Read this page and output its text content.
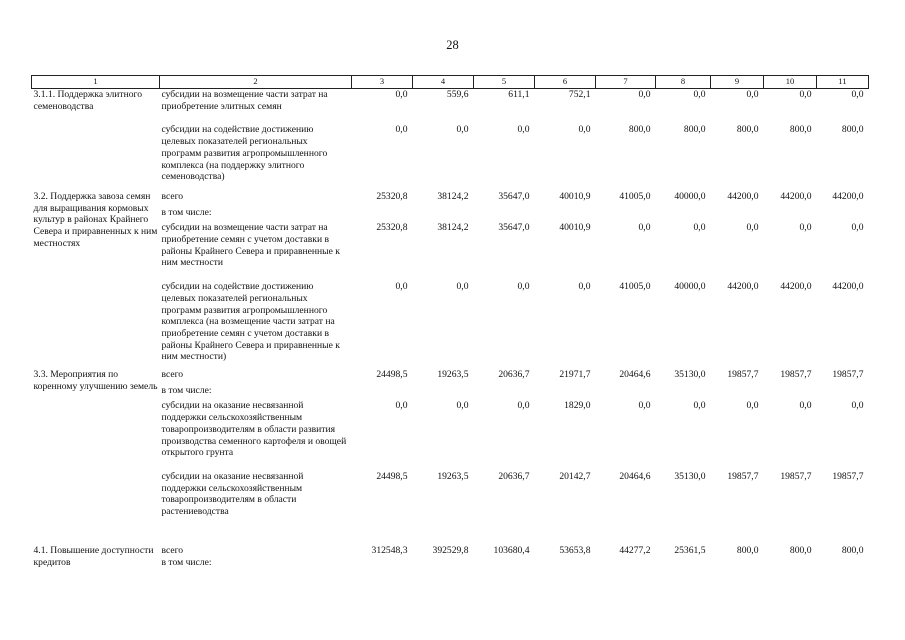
28
1	2	3	4	5	6	7	8	9	10	11
3.1.1. Поддержка элитного семеноводства	субсидии на возмещение части затрат на приобретение элитных семян	0,0	559,6	611,1	752,1	0,0	0,0	0,0	0,0	0,0
	субсидии на содействие достижению целевых показателей региональных программ развития агропромышленного комплекса (на поддержку элитного семеноводства)	0,0	0,0	0,0	0,0	800,0	800,0	800,0	800,0	800,0
3.2. Поддержка завоза семян для выращивания кормовых культур в районах Крайнего Севера и приравненных к ним местностях	всего	25320,8	38124,2	35647,0	40010,9	41005,0	40000,0	44200,0	44200,0	44200,0
	в том числе:									
	субсидии на возмещение части затрат на приобретение семян с учетом доставки в районы Крайнего Севера и приравненные к ним местности	25320,8	38124,2	35647,0	40010,9	0,0	0,0	0,0	0,0	0,0
	субсидии на содействие достижению целевых показателей региональных программ развития агропромышленного комплекса (на возмещение части затрат на приобретение семян с учетом доставки в районы Крайнего Севера и приравненные к ним местности)	0,0	0,0	0,0	0,0	41005,0	40000,0	44200,0	44200,0	44200,0
3.3. Мероприятия по коренному улучшению земель	всего	24498,5	19263,5	20636,7	21971,7	20464,6	35130,0	19857,7	19857,7	19857,7
	в том числе:									
	субсидии на оказание несвязанной поддержки сельскохозяйственным товаропроизводителям в области развития производства семенного картофеля и овощей открытого грунта	0,0	0,0	0,0	1829,0	0,0	0,0	0,0	0,0	0,0
	субсидии на оказание несвязанной поддержки сельскохозяйственным товаропроизводителям в области растениеводства	24498,5	19263,5	20636,7	20142,7	20464,6	35130,0	19857,7	19857,7	19857,7

4.1. Повышение доступности кредитов	всего	312548,3	392529,8	103680,4	53653,8	44277,2	25361,5	800,0	800,0	800,0
	в том числе:									
